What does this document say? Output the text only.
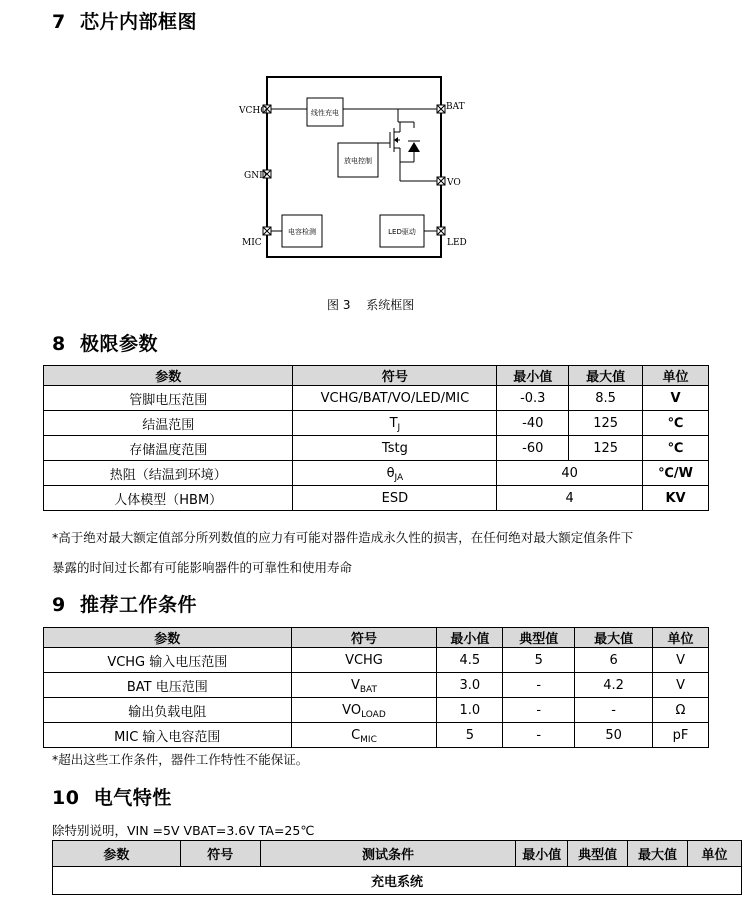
7 芯片内部框图
VCHG
GND
MIC
BAT
VO
LED
线性充电
放电控制
电容检测	LED驱动
图 3　 系统框图
8 极限参数
参数	符号	最小值	最大值	单位
管脚电压范围	VCHG/BAT/VO/LED/MIC	-0.3	8.5	V
结温范围	$T_J$	-40	125	℃
存储温度范围	Tstg	-60	125	℃
热阻（结温到环境）	$\theta_{JA}$	40		℃/W
人体模型（HBM）	ESD	4		KV
*高于绝对最大额定值部分所列数值的应力有可能对器件造成永久性的损害，在任何绝对最大额定值条件下
暴露的时间过长都有可能影响器件的可靠性和使用寿命
9 推荐工作条件
参数	符号	最小值	典型值	最大值	单位
VCHG 输入电压范围	VCHG	4.5	5	6	V
BAT 电压范围	$V_{BAT}$	3.0	-	4.2	V
输出负载电阻	$VO_{LOAD}$	1.0	-	-	Ω
MIC 输入电容范围	$C_{MIC}$	5	-	50	pF
*超出这些工作条件，器件工作特性不能保证。
10 电气特性
除特别说明，VIN =5V VBAT=3.6V TA=25℃
参数	符号	测试条件	最小值	典型值	最大值	单位
充电系统
